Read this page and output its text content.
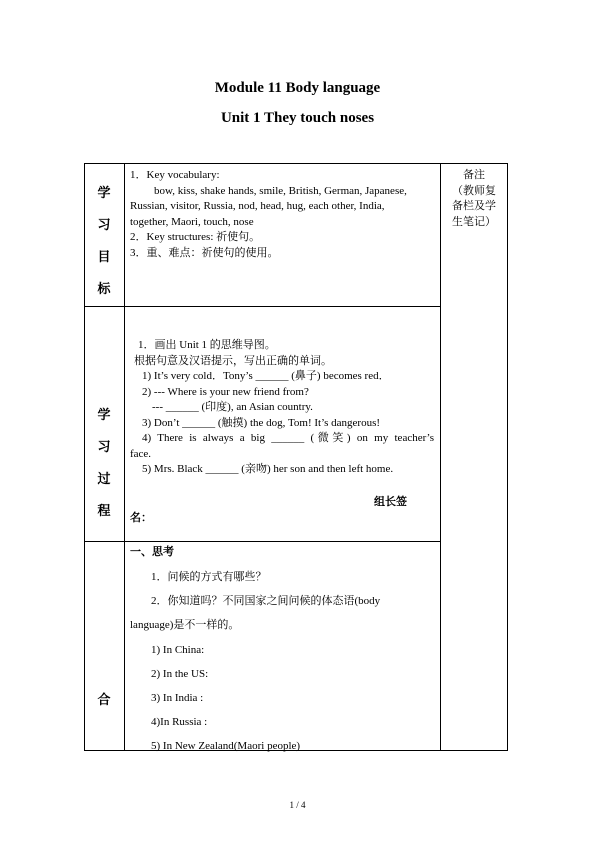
Module 11 Body language
Unit 1 They touch noses
学
习
目
标
1．Key vocabulary:
bow, kiss, shake hands, smile, British, German, Japanese,
Russian, visitor, Russia, nod, head, hug, each other, India,
together, Maori, touch, nose
2．Key structures: 祈使句。
3．重、难点：祈使句的使用。
备注
（教师复
备栏及学
生笔记）
学
习
过
程
1．画出 Unit 1 的思维导图。
根据句意及汉语提示，写出正确的单词。
1) It’s very cold．Tony’s ______ (鼻子) becomes red．
2) --- Where is your new friend from?
--- ______ (印度), an Asian country.
3) Don’t ______ (触摸) the dog, Tom! It’s dangerous!
4) There is always a big ______ (微笑) on my teacher’s
face.
5) Mrs. Black ______ (亲吻) her son and then left home.
组长签
名：
合
一、思考
1．问候的方式有哪些？
2．你知道吗？不同国家之间问候的体态语(body
language)是不一样的。
1) In China:
2) In the US:
3) In India :
4)In Russia :
5) In New Zealand(Maori people)
1 / 4
